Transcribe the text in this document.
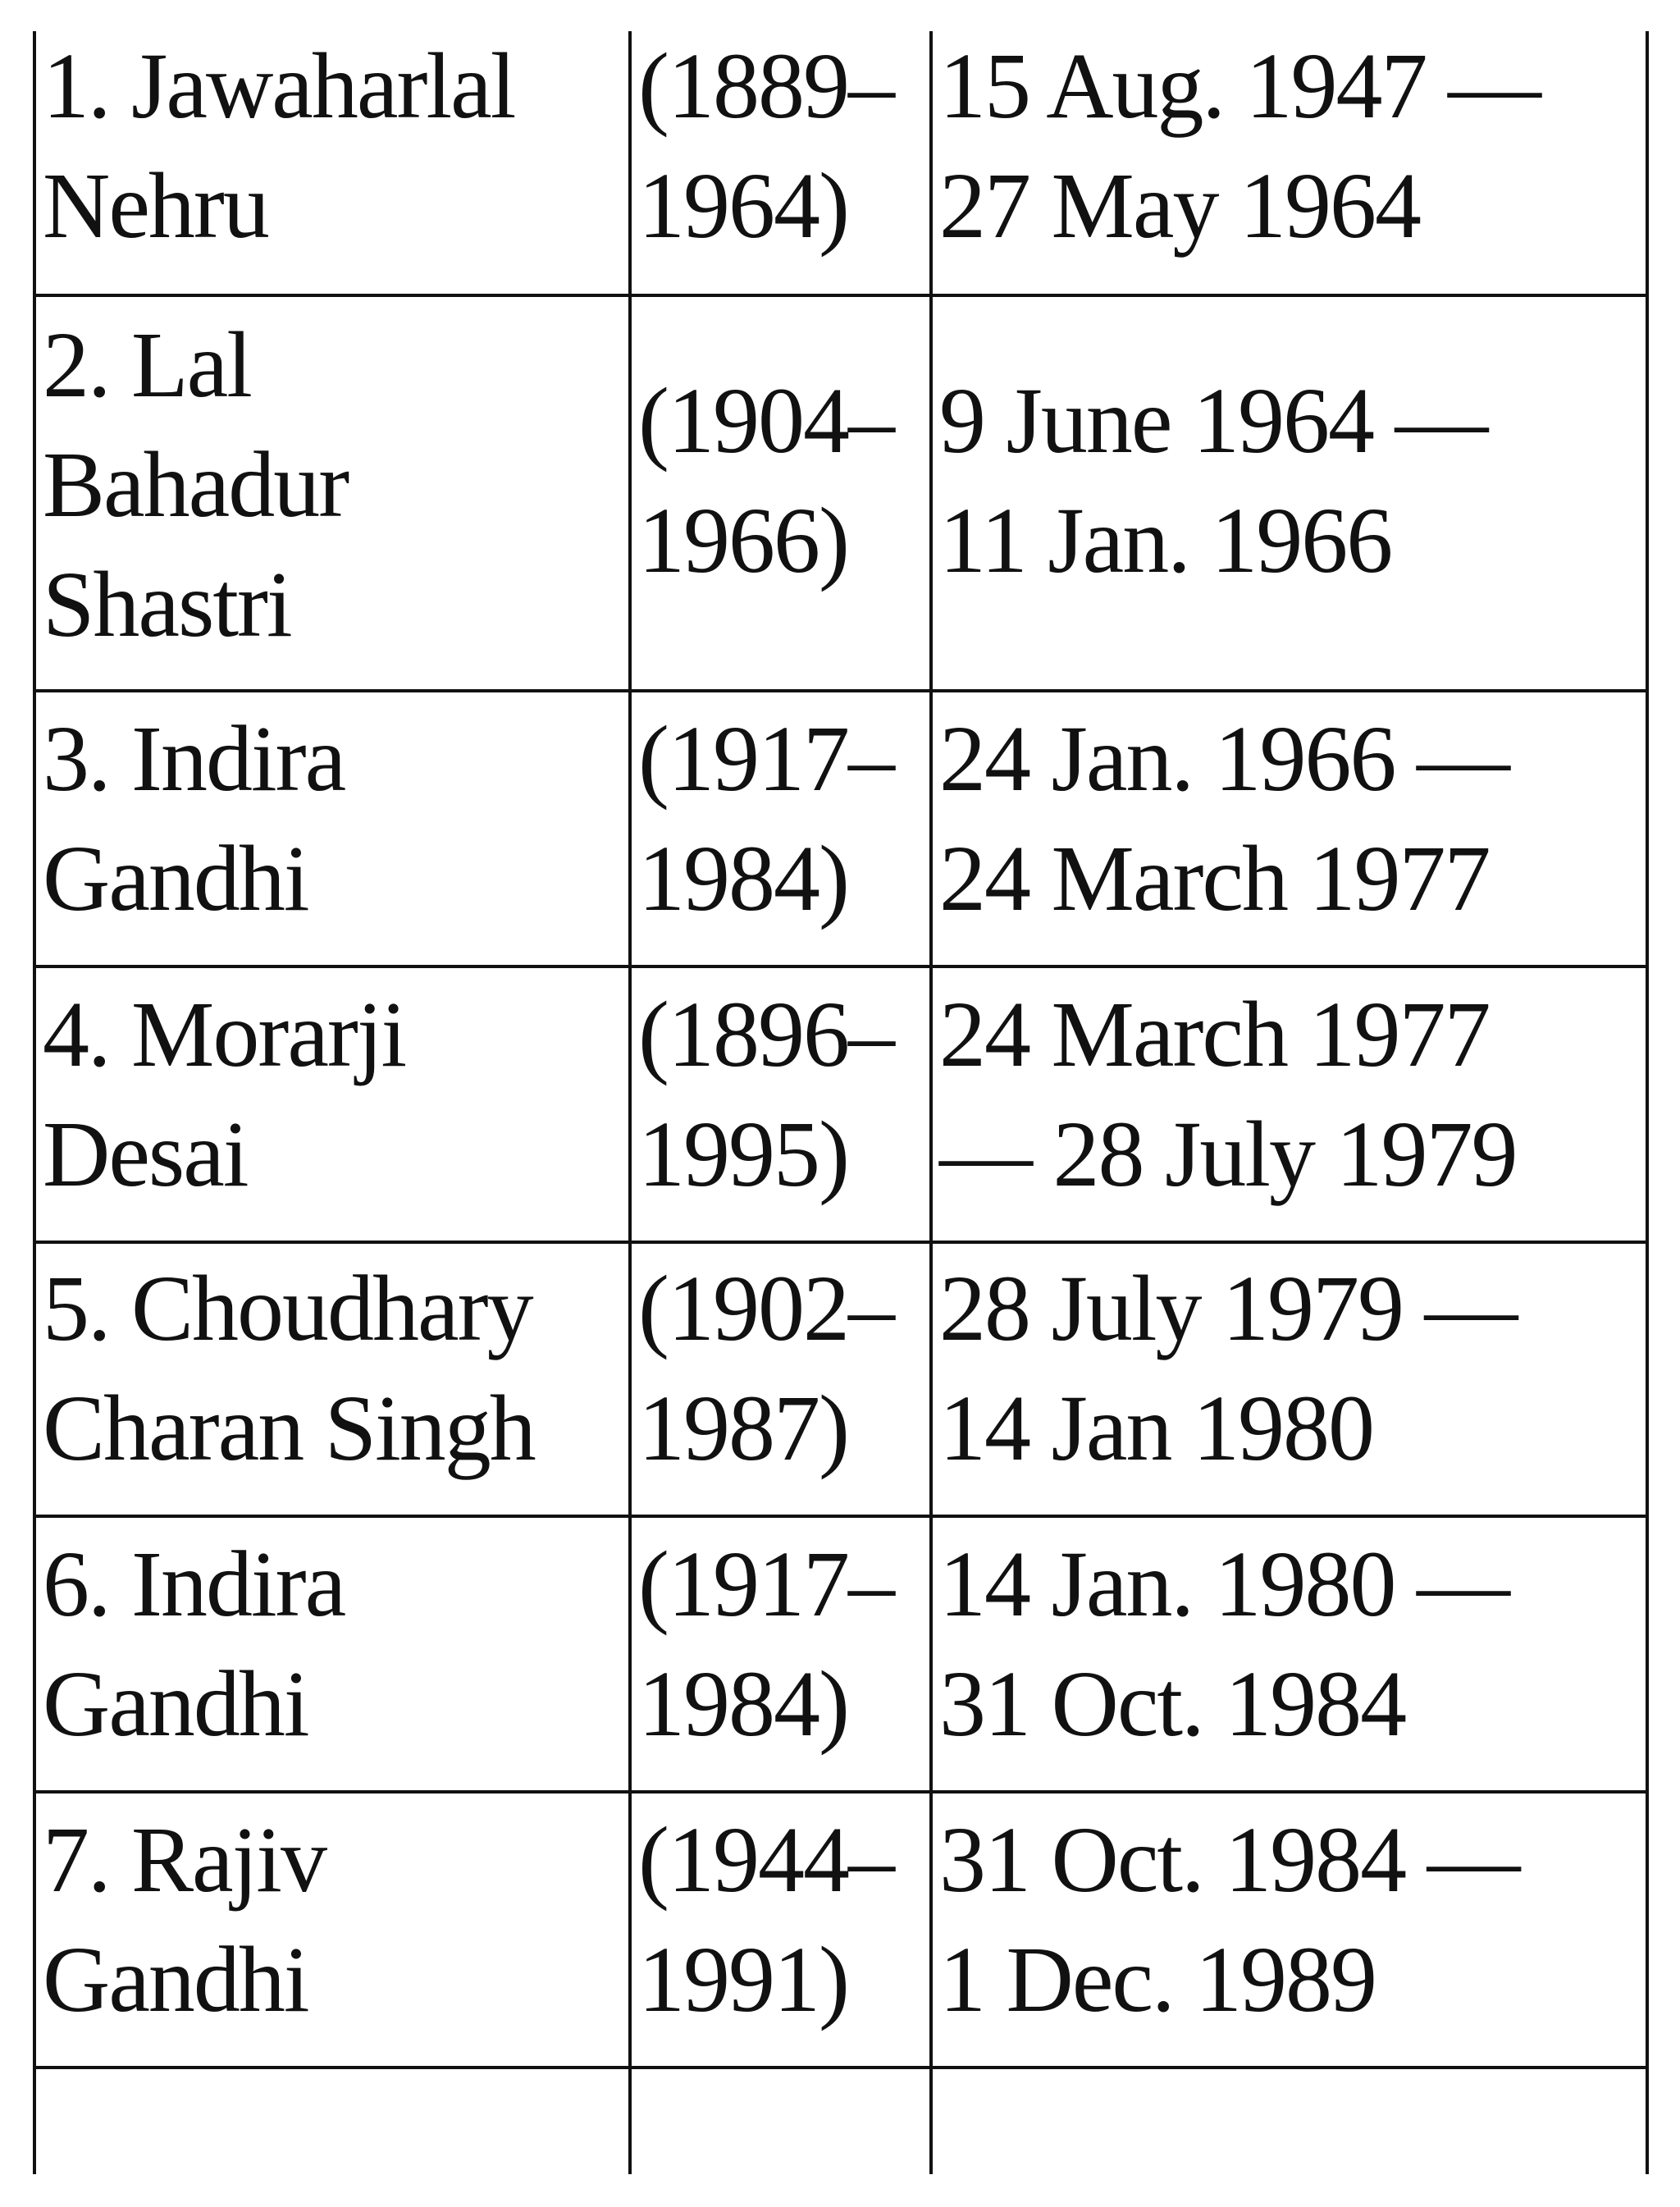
1. Jawaharlal
Nehru
(1889–
1964)
15 Aug. 1947 —
27 May 1964
2. Lal
Bahadur
Shastri
(1904–
1966)
9 June 1964 —
11 Jan. 1966
3. Indira
Gandhi
(1917–
1984)
24 Jan. 1966 —
24 March 1977
4. Morarji
Desai
(1896–
1995)
24 March 1977
— 28 July 1979
5. Choudhary
Charan Singh
(1902–
1987)
28 July 1979 —
14 Jan 1980
6. Indira
Gandhi
(1917–
1984)
14 Jan. 1980 —
31 Oct. 1984
7. Rajiv
Gandhi
(1944–
1991)
31 Oct. 1984 —
1 Dec. 1989
